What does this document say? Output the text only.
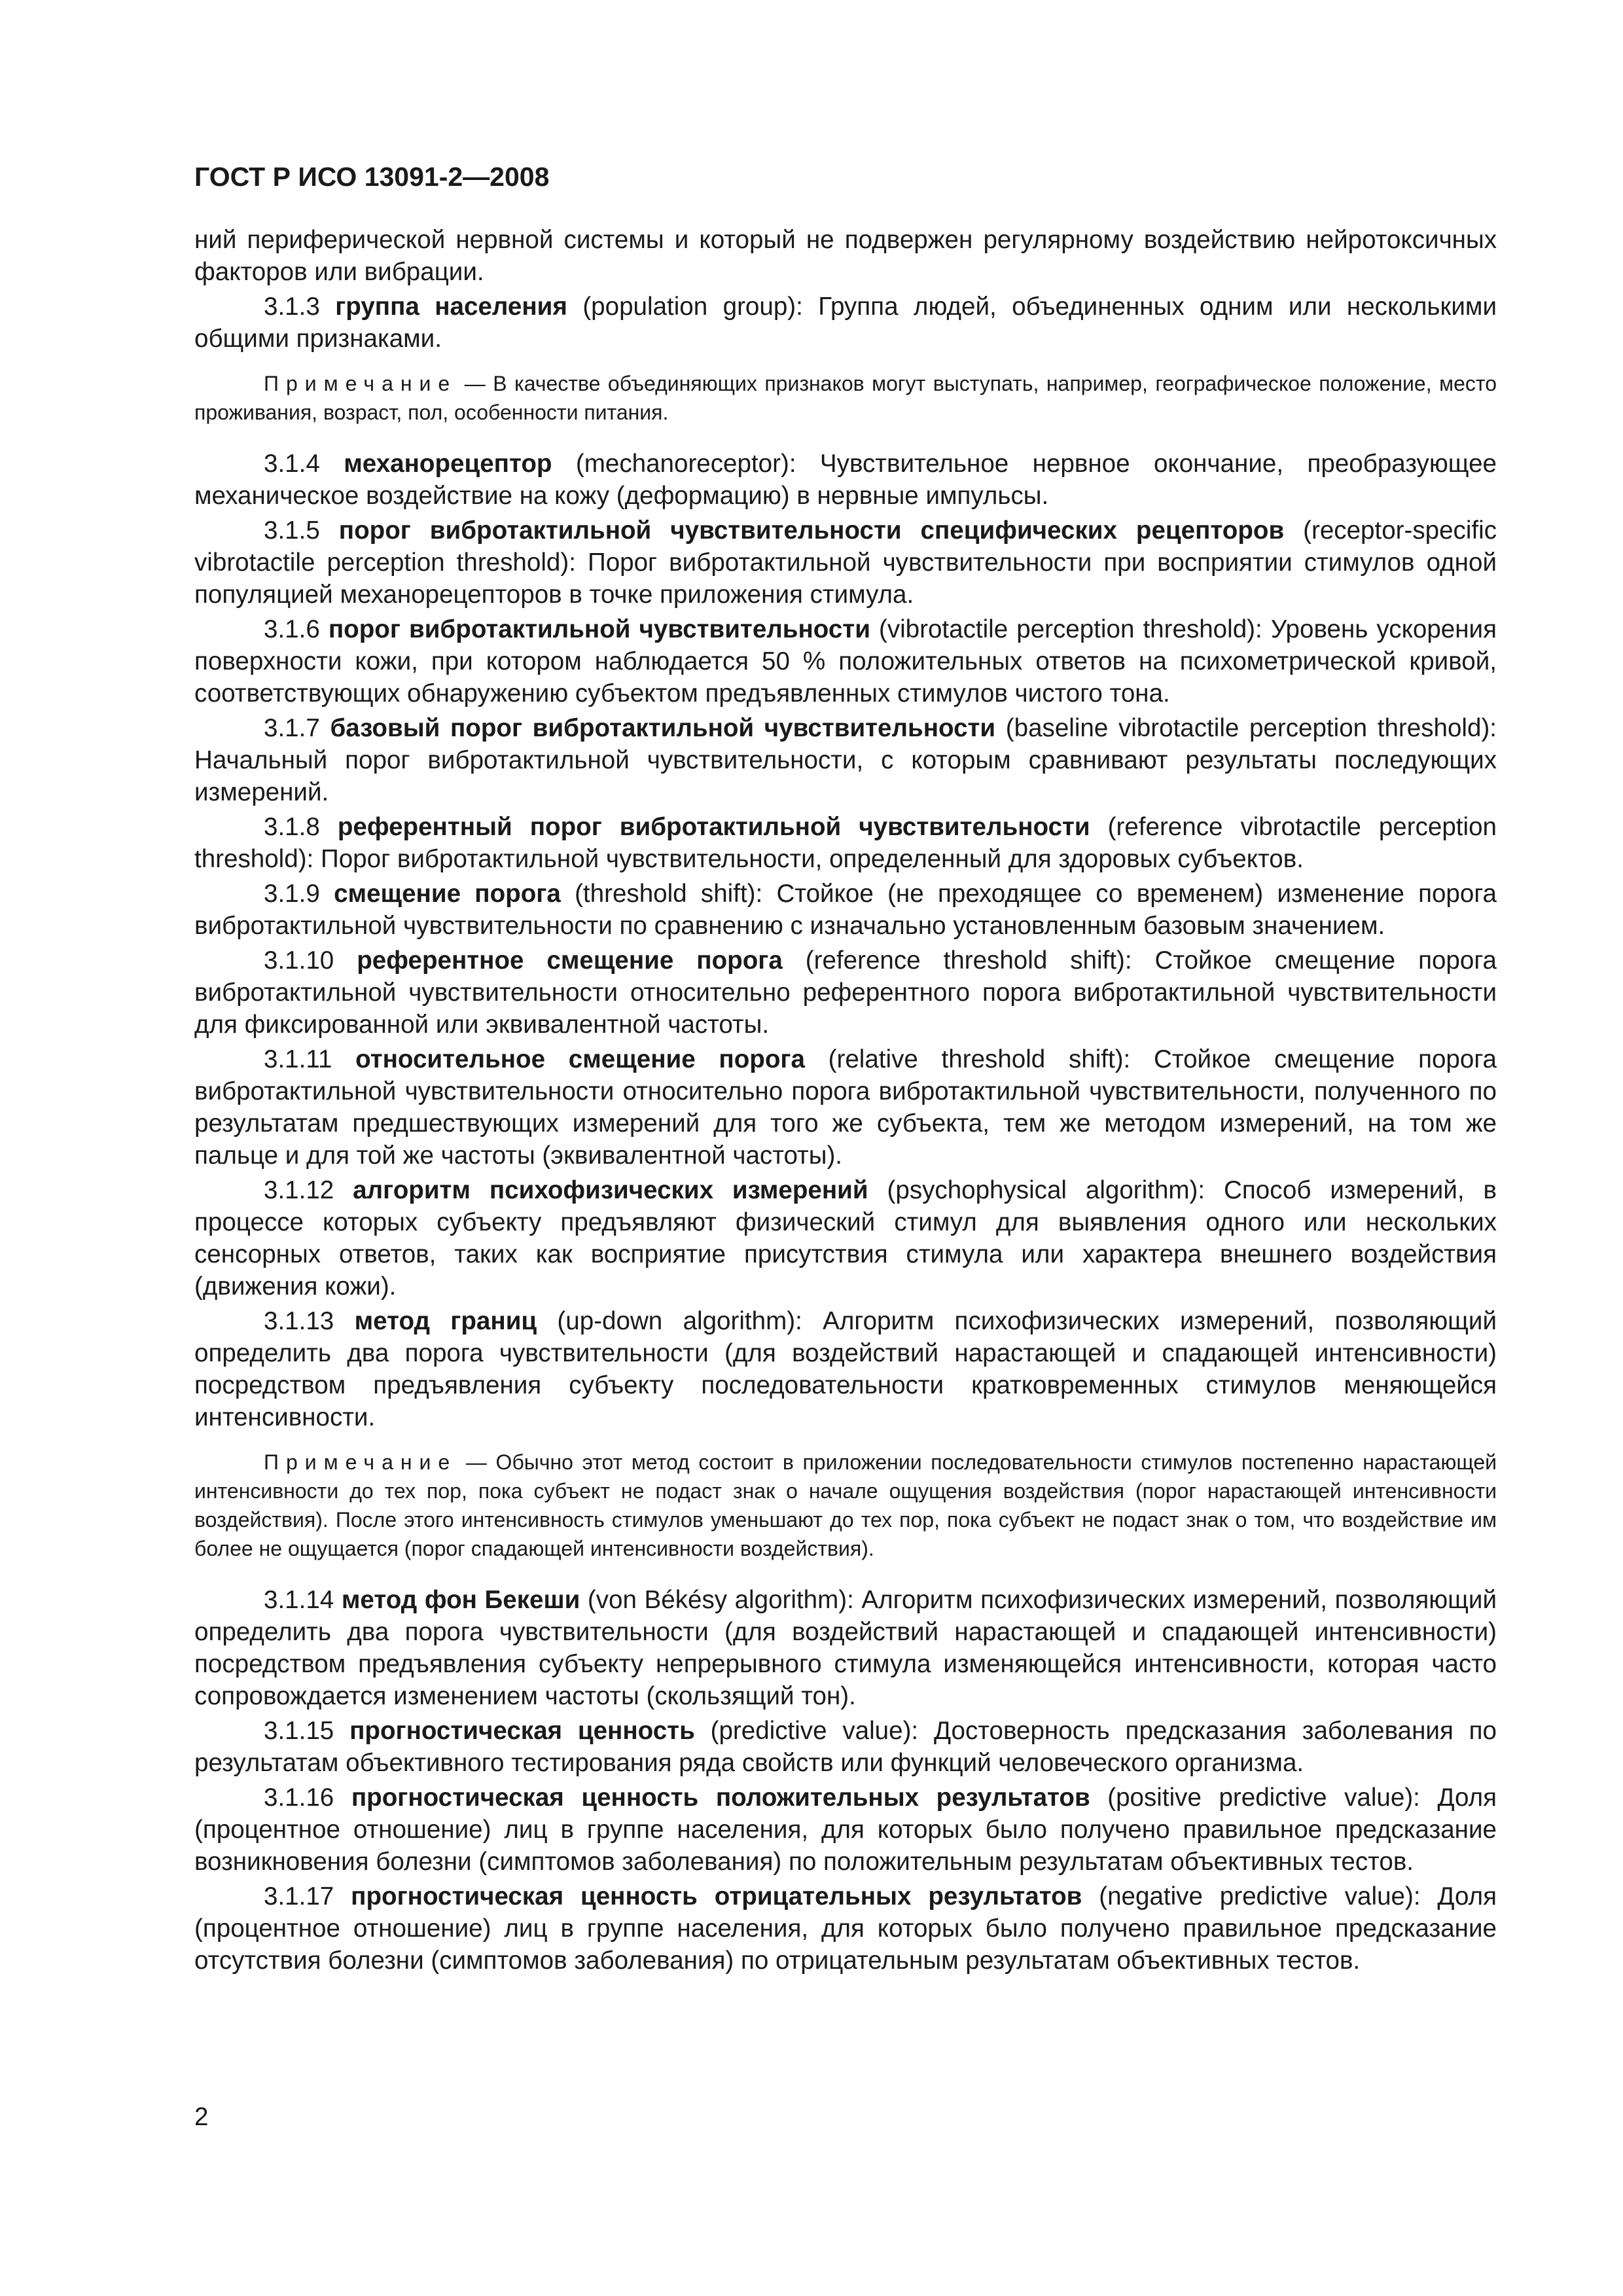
ГОСТ Р ИСО 13091-2—2008

ний периферической нервной системы и который не подвержен регулярному воздействию нейротоксичных факторов или вибрации.

3.1.3 группа населения (population group): Группа людей, объединенных одним или несколькими общими признаками.

Примечание — В качестве объединяющих признаков могут выступать, например, географическое положение, место проживания, возраст, пол, особенности питания.

3.1.4 механорецептор (mechanoreceptor): Чувствительное нервное окончание, преобразующее механическое воздействие на кожу (деформацию) в нервные импульсы.

3.1.5 порог вибротактильной чувствительности специфических рецепторов (receptor-specific vibrotactile perception threshold): Порог вибротактильной чувствительности при восприятии стимулов одной популяцией механорецепторов в точке приложения стимула.

3.1.6 порог вибротактильной чувствительности (vibrotactile perception threshold): Уровень ускорения поверхности кожи, при котором наблюдается 50 % положительных ответов на психометрической кривой, соответствующих обнаружению субъектом предъявленных стимулов чистого тона.

3.1.7 базовый порог вибротактильной чувствительности (baseline vibrotactile perception threshold): Начальный порог вибротактильной чувствительности, с которым сравнивают результаты последующих измерений.

3.1.8 референтный порог вибротактильной чувствительности (reference vibrotactile perception threshold): Порог вибротактильной чувствительности, определенный для здоровых субъектов.

3.1.9 смещение порога (threshold shift): Стойкое (не преходящее со временем) изменение порога вибротактильной чувствительности по сравнению с изначально установленным базовым значением.

3.1.10 референтное смещение порога (reference threshold shift): Стойкое смещение порога вибротактильной чувствительности относительно референтного порога вибротактильной чувствительности для фиксированной или эквивалентной частоты.

3.1.11 относительное смещение порога (relative threshold shift): Стойкое смещение порога вибротактильной чувствительности относительно порога вибротактильной чувствительности, полученного по результатам предшествующих измерений для того же субъекта, тем же методом измерений, на том же пальце и для той же частоты (эквивалентной частоты).

3.1.12 алгоритм психофизических измерений (psychophysical algorithm): Способ измерений, в процессе которых субъекту предъявляют физический стимул для выявления одного или нескольких сенсорных ответов, таких как восприятие присутствия стимула или характера внешнего воздействия (движения кожи).

3.1.13 метод границ (up-down algorithm): Алгоритм психофизических измерений, позволяющий определить два порога чувствительности (для воздействий нарастающей и спадающей интенсивности) посредством предъявления субъекту последовательности кратковременных стимулов меняющейся интенсивности.

Примечание — Обычно этот метод состоит в приложении последовательности стимулов постепенно нарастающей интенсивности до тех пор, пока субъект не подаст знак о начале ощущения воздействия (порог нарастающей интенсивности воздействия). После этого интенсивность стимулов уменьшают до тех пор, пока субъект не подаст знак о том, что воздействие им более не ощущается (порог спадающей интенсивности воздействия).

3.1.14 метод фон Бекеши (von Békésy algorithm): Алгоритм психофизических измерений, позволяющий определить два порога чувствительности (для воздействий нарастающей и спадающей интенсивности) посредством предъявления субъекту непрерывного стимула изменяющейся интенсивности, которая часто сопровождается изменением частоты (скользящий тон).

3.1.15 прогностическая ценность (predictive value): Достоверность предсказания заболевания по результатам объективного тестирования ряда свойств или функций человеческого организма.

3.1.16 прогностическая ценность положительных результатов (positive predictive value): Доля (процентное отношение) лиц в группе населения, для которых было получено правильное предсказание возникновения болезни (симптомов заболевания) по положительным результатам объективных тестов.

3.1.17 прогностическая ценность отрицательных результатов (negative predictive value): Доля (процентное отношение) лиц в группе населения, для которых было получено правильное предсказание отсутствия болезни (симптомов заболевания) по отрицательным результатам объективных тестов.

2
